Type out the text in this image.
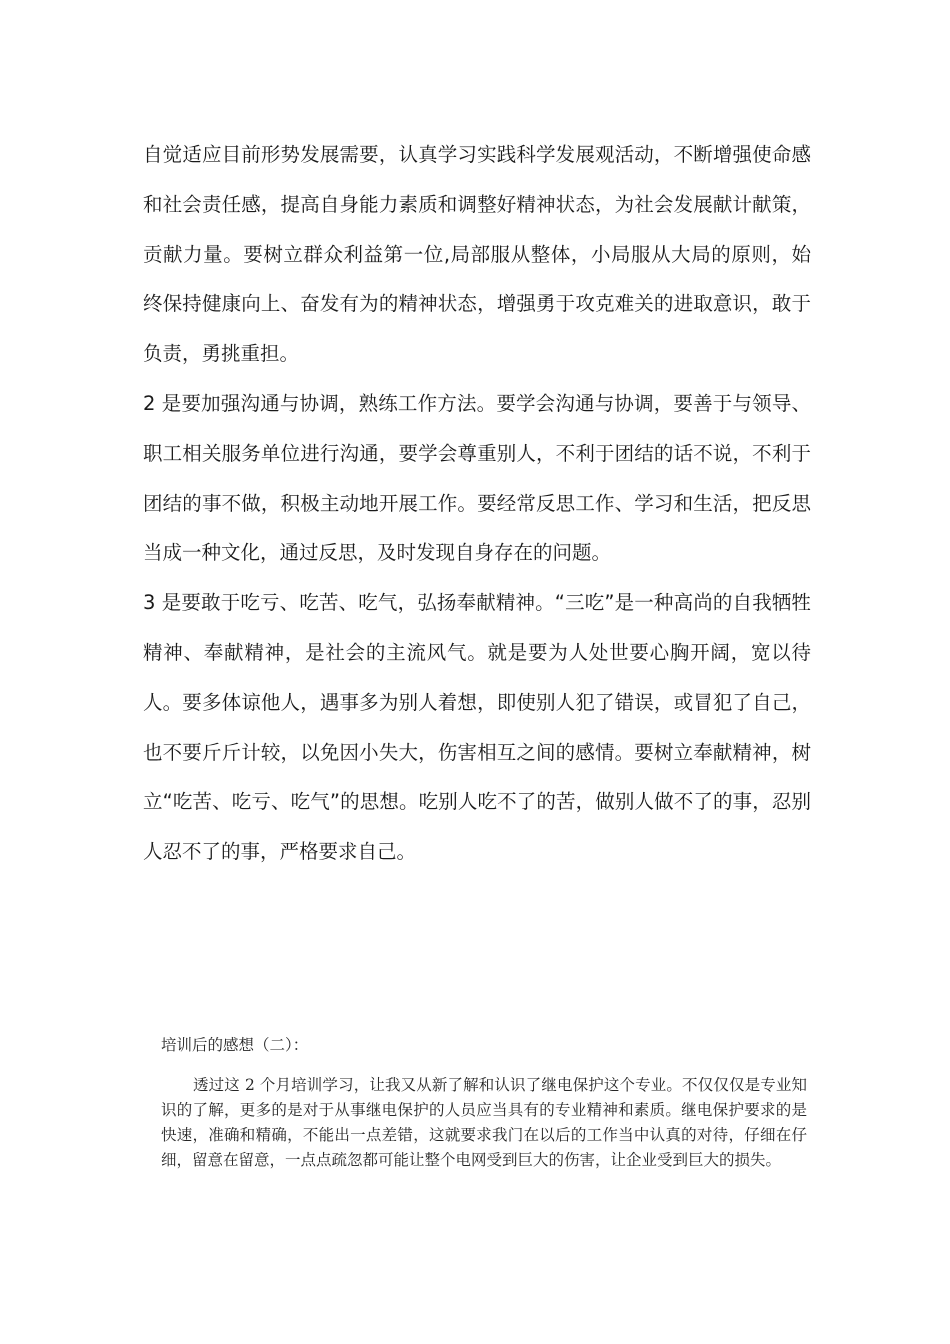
自觉适应目前形势发展需要，认真学习实践科学发展观活动，不断增强使命感和社会责任感，提高自身能力素质和调整好精神状态，为社会发展献计献策，贡献力量。要树立群众利益第一位,局部服从整体，小局服从大局的原则，始终保持健康向上、奋发有为的精神状态，增强勇于攻克难关的进取意识，敢于负责，勇挑重担。

2 是要加强沟通与协调，熟练工作方法。要学会沟通与协调，要善于与领导、职工相关服务单位进行沟通，要学会尊重别人，不利于团结的话不说，不利于团结的事不做，积极主动地开展工作。要经常反思工作、学习和生活，把反思当成一种文化，通过反思，及时发现自身存在的问题。

3 是要敢于吃亏、吃苦、吃气，弘扬奉献精神。“三吃”是一种高尚的自我牺牲精神、奉献精神，是社会的主流风气。就是要为人处世要心胸开阔，宽以待人。要多体谅他人，遇事多为别人着想，即使别人犯了错误，或冒犯了自己，也不要斤斤计较，以免因小失大，伤害相互之间的感情。要树立奉献精神，树立“吃苦、吃亏、吃气”的思想。吃别人吃不了的苦，做别人做不了的事，忍别人忍不了的事，严格要求自己。

培训后的感想（二）：

透过这 2 个月培训学习，让我又从新了解和认识了继电保护这个专业。不仅仅仅是专业知识的了解，更多的是对于从事继电保护的人员应当具有的专业精神和素质。继电保护要求的是快速，准确和精确，不能出一点差错，这就要求我门在以后的工作当中认真的对待，仔细在仔细，留意在留意，一点点疏忽都可能让整个电网受到巨大的伤害，让企业受到巨大的损失。
